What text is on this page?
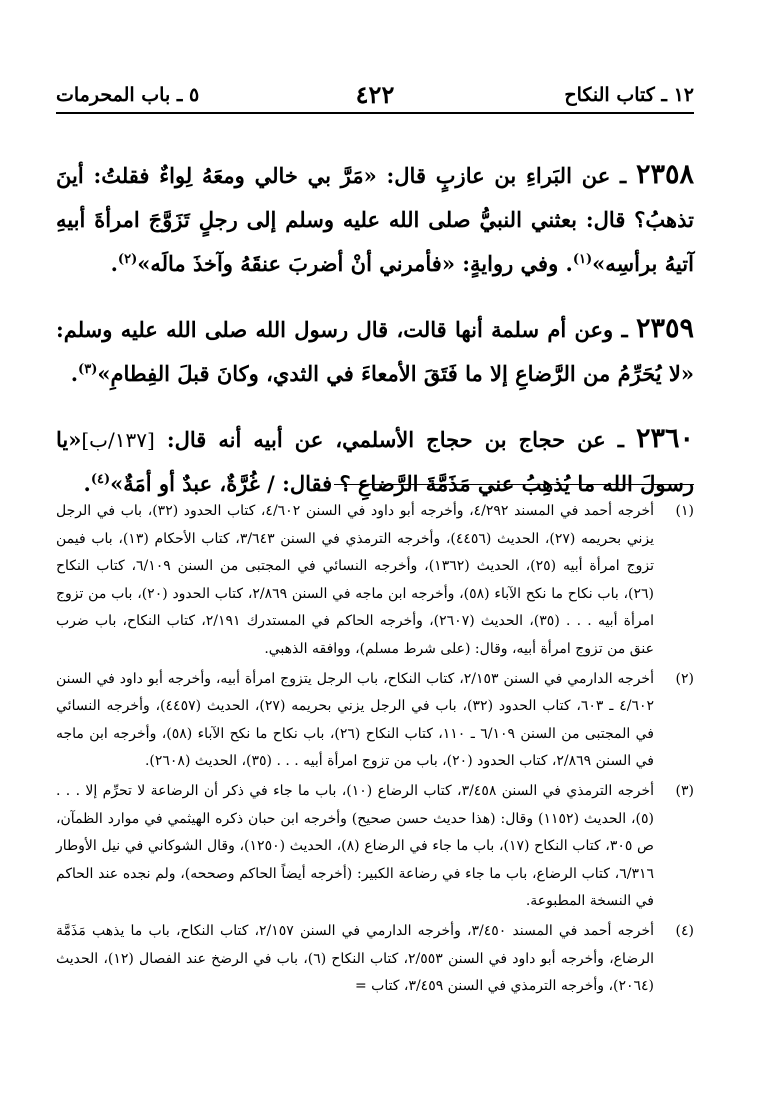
١٢ ـ كتاب النكاح
٤٢٢
٥ ـ باب المحرمات

٢٣٥٨ ـ عن البَراءِ بن عازبٍ قال: «مَرَّ بي خالي ومعَهُ لِواءٌ فقلتُ: أينَ تذهبُ؟ قال: بعثني النبيُّ صلى الله عليه وسلم إلى رجلٍ تَزَوَّجَ امرأةَ أبيهِ آتيهُ برأسِه»$^{(١)}$. وفي روايةٍ: «فأمرني أنْ أضربَ عنقَهُ وآخذَ مالَه»$^{(٢)}$.

٢٣٥٩ ـ وعن أم سلمة أنها قالت، قال رسول الله صلى الله عليه وسلم: «لا يُحَرِّمُ من الرَّضاعِ إلا ما فَتَقَ الأمعاءَ في الثدي، وكانَ قبلَ الفِطامِ»$^{(٣)}$.

٢٣٦٠ ـ عن حجاج بن حجاج الأسلمي، عن أبيه أنه قال: [١٣٧/ب]«يا رسولَ الله ما يُذهِبُ عني مَذَمَّةَ الرَّضاعِ ؟ فقال: / غُرَّةٌ، عبدٌ أو أمَةٌ»$^{(٤)}$.

(١)
أخرجه أحمد في المسند ٤/٢٩٢، وأخرجه أبو داود في السنن ٤/٦٠٢، كتاب الحدود (٣٢)، باب في الرجل يزني بحريمه (٢٧)، الحديث (٤٤٥٦)، وأخرجه الترمذي في السنن ٣/٦٤٣، كتاب الأحكام (١٣)، باب فيمن تزوج امرأة أبيه (٢٥)، الحديث (١٣٦٢)، وأخرجه النسائي في المجتبى من السنن ٦/١٠٩، كتاب النكاح (٢٦)، باب نكاح ما نكح الآباء (٥٨)، وأخرجه ابن ماجه في السنن ٢/٨٦٩، كتاب الحدود (٢٠)، باب من تزوج امرأة أبيه . . . (٣٥)، الحديث (٢٦٠٧)، وأخرجه الحاكم في المستدرك ٢/١٩١، كتاب النكاح، باب ضرب عنق من تزوج امرأة أبيه، وقال: (على شرط مسلم)، ووافقه الذهبي.
(٢)
أخرجه الدارمي في السنن ٢/١٥٣، كتاب النكاح، باب الرجل يتزوج امرأة أبيه، وأخرجه أبو داود في السنن ٤/٦٠٢ ـ ٦٠٣، كتاب الحدود (٣٢)، باب في الرجل يزني بحريمه (٢٧)، الحديث (٤٤٥٧)، وأخرجه النسائي في المجتبى من السنن ٦/١٠٩ ـ ١١٠، كتاب النكاح (٢٦)، باب نكاح ما نكح الآباء (٥٨)، وأخرجه ابن ماجه في السنن ٢/٨٦٩، كتاب الحدود (٢٠)، باب من تزوج امرأة أبيه . . . (٣٥)، الحديث (٢٦٠٨).
(٣)
أخرجه الترمذي في السنن ٣/٤٥٨، كتاب الرضاع (١٠)، باب ما جاء في ذكر أن الرضاعة لا تحرِّم إلا . . . (٥)، الحديث (١١٥٢) وقال: (هذا حديث حسن صحيح) وأخرجه ابن حبان ذكره الهيثمي في موارد الظمآن، ص ٣٠٥، كتاب النكاح (١٧)، باب ما جاء في الرضاع (٨)، الحديث (١٢٥٠)، وقال الشوكاني في نيل الأوطار ٦/٣١٦، كتاب الرضاع، باب ما جاء في رضاعة الكبير: (أخرجه أيضاً الحاكم وصححه)، ولم نجده عند الحاكم في النسخة المطبوعة.
(٤)
أخرجه أحمد في المسند ٣/٤٥٠، وأخرجه الدارمي في السنن ٢/١٥٧، كتاب النكاح، باب ما يذهب مَذَمَّة الرضاع، وأخرجه أبو داود في السنن ٢/٥٥٣، كتاب النكاح (٦)، باب في الرضخ عند الفصال (١٢)، الحديث (٢٠٦٤)، وأخرجه الترمذي في السنن ٣/٤٥٩، كتاب =
